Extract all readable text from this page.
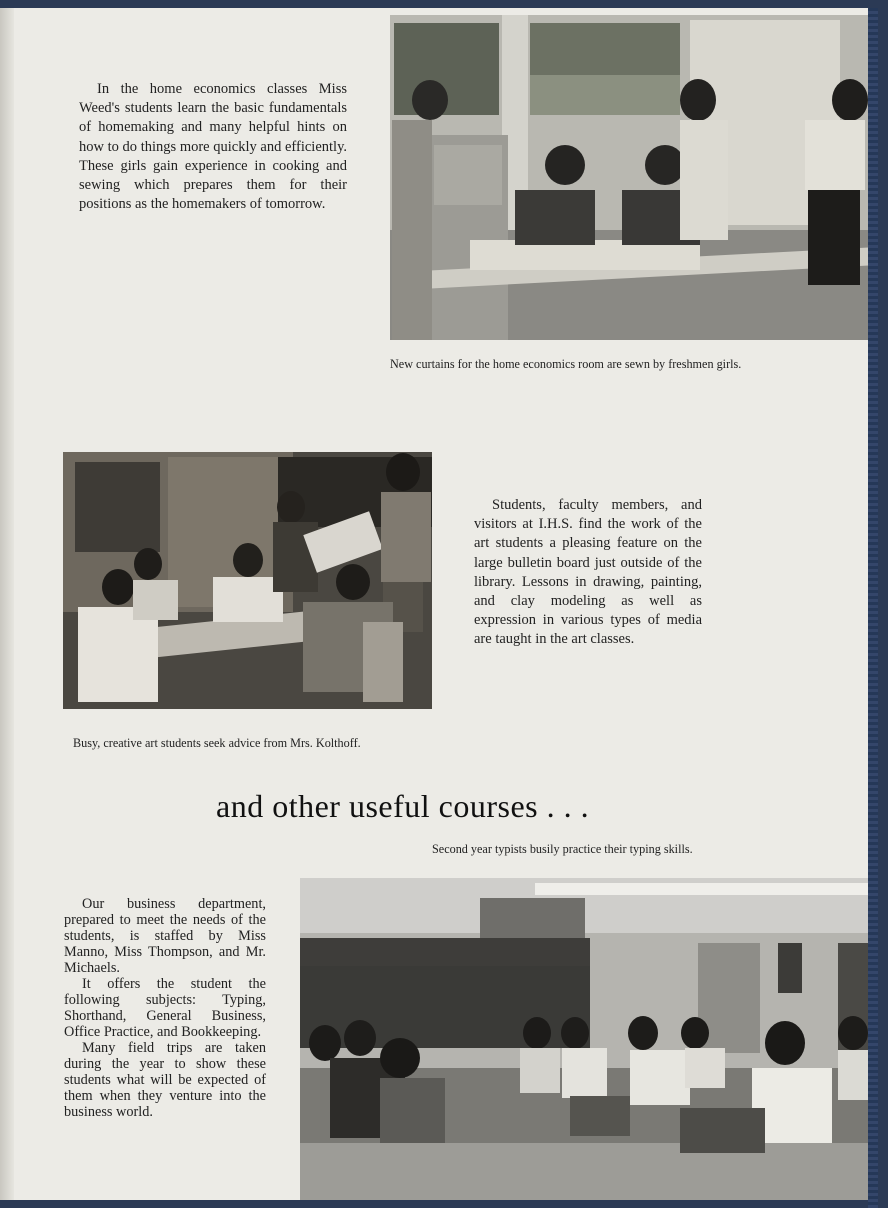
In the home economics classes Miss Weed's students learn the basic fundamentals of homemaking and many helpful hints on how to do things more quickly and efficiently. These girls gain experience in cooking and sewing which prepares them for their positions as the homemakers of tomorrow.

New curtains for the home economics room are sewn by freshmen girls.

Students, faculty members, and visitors at I.H.S. find the work of the art students a pleasing feature on the large bulletin board just outside of the library. Lessons in drawing, painting, and clay modeling as well as expression in various types of media are taught in the art classes.

Busy, creative art students seek advice from Mrs. Kolthoff.
and other useful courses . . .
Second year typists busily practice their typing skills.

Our business department, prepared to meet the needs of the students, is staffed by Miss Manno, Miss Thompson, and Mr. Michaels.

It offers the student the following subjects: Typing, Shorthand, General Business, Office Practice, and Bookkeeping.

Many field trips are taken during the year to show these students what will be expected of them when they venture into the business world.
